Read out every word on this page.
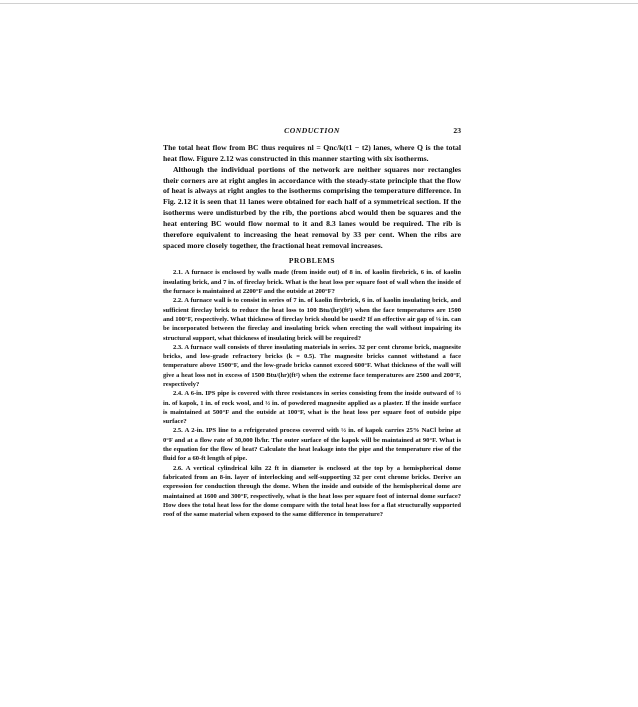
CONDUCTION	23

The total heat flow from BC thus requires nl = Qnc/k(t1 − t2) lanes, where Q is the total heat flow. Figure 2.12 was constructed in this manner starting with six isotherms.

Although the individual portions of the network are neither squares nor rectangles their corners are at right angles in accordance with the steady-state principle that the flow of heat is always at right angles to the isotherms comprising the temperature difference. In Fig. 2.12 it is seen that 11 lanes were obtained for each half of a symmetrical section. If the isotherms were undisturbed by the rib, the portions abcd would then be squares and the heat entering BC would flow normal to it and 8.3 lanes would be required. The rib is therefore equivalent to increasing the heat removal by 33 per cent. When the ribs are spaced more closely together, the fractional heat removal increases.

PROBLEMS

2.1. A furnace is enclosed by walls made (from inside out) of 8 in. of kaolin firebrick, 6 in. of kaolin insulating brick, and 7 in. of fireclay brick. What is the heat loss per square foot of wall when the inside of the furnace is maintained at 2200°F and the outside at 200°F?

2.2. A furnace wall is to consist in series of 7 in. of kaolin firebrick, 6 in. of kaolin insulating brick, and sufficient fireclay brick to reduce the heat loss to 100 Btu/(hr)(ft²) when the face temperatures are 1500 and 100°F, respectively. What thickness of fireclay brick should be used? If an effective air gap of ⅛ in. can be incorporated between the fireclay and insulating brick when erecting the wall without impairing its structural support, what thickness of insulating brick will be required?

2.3. A furnace wall consists of three insulating materials in series. 32 per cent chrome brick, magnesite bricks, and low-grade refractory bricks (k = 0.5). The magnesite bricks cannot withstand a face temperature above 1500°F, and the low-grade bricks cannot exceed 600°F. What thickness of the wall will give a heat loss not in excess of 1500 Btu/(hr)(ft²) when the extreme face temperatures are 2500 and 200°F, respectively?

2.4. A 6-in. IPS pipe is covered with three resistances in series consisting from the inside outward of ½ in. of kapok, 1 in. of rock wool, and ½ in. of powdered magnesite applied as a plaster. If the inside surface is maintained at 500°F and the outside at 100°F, what is the heat loss per square foot of outside pipe surface?

2.5. A 2-in. IPS line to a refrigerated process covered with ½ in. of kapok carries 25% NaCl brine at 0°F and at a flow rate of 30,000 lb/hr. The outer surface of the kapok will be maintained at 90°F. What is the equation for the flow of heat? Calculate the heat leakage into the pipe and the temperature rise of the fluid for a 60-ft length of pipe.

2.6. A vertical cylindrical kiln 22 ft in diameter is enclosed at the top by a hemispherical dome fabricated from an 8-in. layer of interlocking and self-supporting 32 per cent chrome bricks. Derive an expression for conduction through the dome. When the inside and outside of the hemispherical dome are maintained at 1600 and 300°F, respectively, what is the heat loss per square foot of internal dome surface? How does the total heat loss for the dome compare with the total heat loss for a flat structurally supported roof of the same material when exposed to the same difference in temperature?
